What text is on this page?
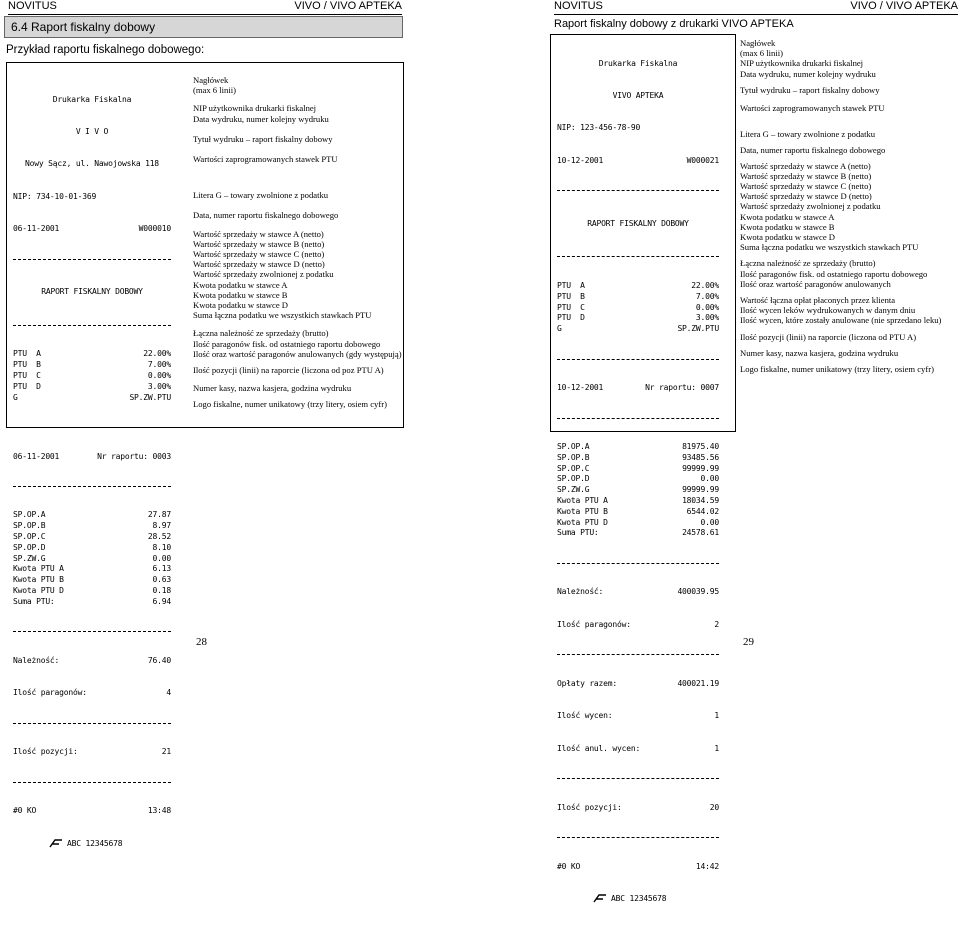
NOVITUS	VIVO / VIVO APTEKA
6.4 Raport fiskalny dobowy
Przykład raportu fiskalnego dobowego:

Drukarka Fiskalna

V I V O

Nowy Sącz, ul. Nawojowska 118

NIP: 734-10-01-369

06-11-2001	W000010

RAPORT FISKALNY DOBOWY

PTU  A	22.00%
PTU  B	7.00%
PTU  C	0.00%
PTU  D	3.00%
G	SP.ZW.PTU

06-11-2001	Nr raportu: 0003

SP.OP.A	27.87
SP.OP.B	8.97
SP.OP.C	28.52
SP.OP.D	8.10
SP.ZW.G	0.00
Kwota PTU A	6.13
Kwota PTU B	0.63
Kwota PTU D	0.18
Suma PTU:	6.94

Należność:	76.40

Ilość paragonów:	4

Ilość pozycji:	21

#0 KO	13:48

ABC 12345678

Nagłówek
(max 6 linii)
NIP użytkownika drukarki fiskalnej
Data wydruku, numer kolejny wydruku
Tytuł wydruku – raport fiskalny dobowy
Wartości zaprogramowanych stawek PTU
Litera G – towary zwolnione z podatku
Data, numer raportu fiskalnego dobowego
Wartość sprzedaży w stawce A (netto)
Wartość sprzedaży w stawce B (netto)
Wartość sprzedaży w stawce C (netto)
Wartość sprzedaży w stawce D (netto)
Wartość sprzedaży zwolnionej z podatku
Kwota podatku w stawce A
Kwota podatku w stawce B
Kwota podatku w stawce D
Suma łączna podatku we wszystkich stawkach PTU
Łączna należność ze sprzedaży (brutto)
Ilość paragonów fisk. od ostatniego raportu dobowego
Ilość oraz wartość paragonów anulowanych (gdy występują)
Ilość pozycji (linii) na raporcie (liczona od poz PTU A)
Numer kasy, nazwa kasjera, godzina wydruku
Logo fiskalne, numer unikatowy (trzy litery, osiem cyfr)
28
NOVITUS	VIVO / VIVO APTEKA
Raport fiskalny dobowy z drukarki VIVO APTEKA

Drukarka Fiskalna

VIVO APTEKA

NIP: 123-456-78-90

10-12-2001	W000021

RAPORT FISKALNY DOBOWY

PTU  A	22.00%
PTU  B	7.00%
PTU  C	0.00%
PTU  D	3.00%
G	SP.ZW.PTU

10-12-2001	Nr raportu: 0007

SP.OP.A	81975.40
SP.OP.B	93485.56
SP.OP.C	99999.99
SP.OP.D	0.00
SP.ZW.G	99999.99
Kwota PTU A	18034.59
Kwota PTU B	6544.02
Kwota PTU D	0.00
Suma PTU:	24578.61

Należność:	400039.95

Ilość paragonów:	2

Opłaty razem:	400021.19

Ilość wycen:	1

Ilość anul. wycen:	1

Ilość pozycji:	20

#0 KO	14:42

ABC 12345678

Nagłówek
(max 6 linii)
NIP użytkownika drukarki fiskalnej
Data wydruku, numer kolejny wydruku
Tytuł wydruku – raport fiskalny dobowy
Wartości zaprogramowanych stawek PTU
Litera G – towary zwolnione z podatku
Data, numer raportu fiskalnego dobowego
Wartość sprzedaży w stawce A (netto)
Wartość sprzedaży w stawce B (netto)
Wartość sprzedaży w stawce C (netto)
Wartość sprzedaży w stawce D (netto)
Wartość sprzedaży zwolnionej z podatku
Kwota podatku w stawce A
Kwota podatku w stawce B
Kwota podatku w stawce D
Suma łączna podatku we wszystkich stawkach PTU
Łączna należność ze sprzedaży (brutto)
Ilość paragonów fisk. od ostatniego raportu dobowego
Ilość oraz wartość paragonów anulowanych
Wartość łączna opłat płaconych przez klienta
Ilość wycen leków wydrukowanych w danym dniu
Ilość wycen, które zostały anulowane (nie sprzedano leku)
Ilość pozycji (linii) na raporcie (liczona od PTU A)
Numer kasy, nazwa kasjera, godzina wydruku
Logo fiskalne, numer unikatowy (trzy litery, osiem cyfr)
29
